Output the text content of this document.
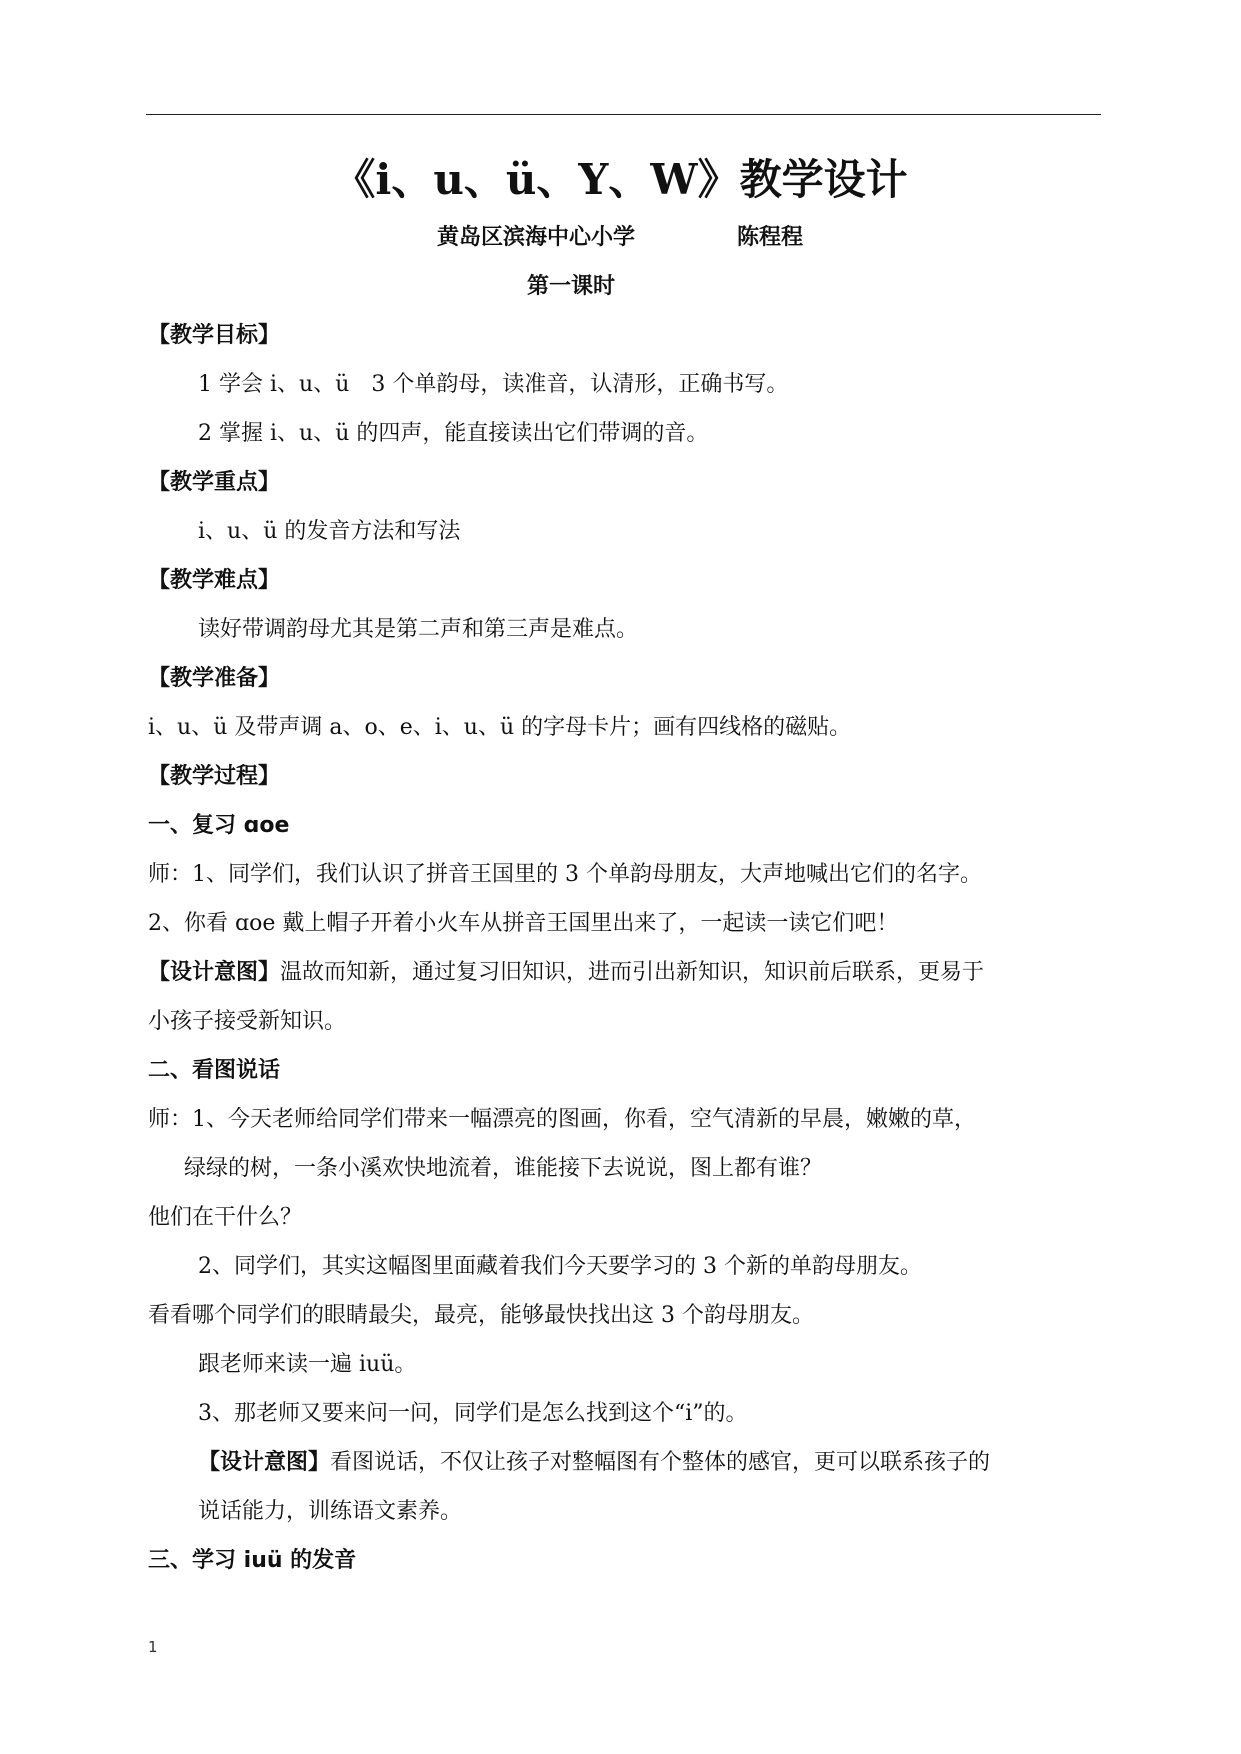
《i、u、ü、Y、W》教学设计
黄岛区滨海中心小学	陈程程
第一课时
【教学目标】
1 学会 i、u、ü　3 个单韵母，读准音，认清形，正确书写。
2 掌握 i、u、ü 的四声，能直接读出它们带调的音。
【教学重点】
i、u、ü 的发音方法和写法
【教学难点】
读好带调韵母尤其是第二声和第三声是难点。
【教学准备】
i、u、ü 及带声调 a、o、e、i、u、ü 的字母卡片；画有四线格的磁贴。
【教学过程】
一、复习 ɑoe
师：1、同学们，我们认识了拼音王国里的 3 个单韵母朋友，大声地喊出它们的名字。
2、你看 ɑoe 戴上帽子开着小火车从拼音王国里出来了，一起读一读它们吧！
【设计意图】温故而知新，通过复习旧知识，进而引出新知识，知识前后联系，更易于
小孩子接受新知识。
二、看图说话
师：1、今天老师给同学们带来一幅漂亮的图画，你看，空气清新的早晨，嫩嫩的草，
绿绿的树，一条小溪欢快地流着，谁能接下去说说，图上都有谁？
他们在干什么？
2、同学们，其实这幅图里面藏着我们今天要学习的 3 个新的单韵母朋友。
看看哪个同学们的眼睛最尖，最亮，能够最快找出这 3 个韵母朋友。
跟老师来读一遍 iuü。
3、那老师又要来问一问，同学们是怎么找到这个“i”的。
【设计意图】看图说话，不仅让孩子对整幅图有个整体的感官，更可以联系孩子的
说话能力，训练语文素养。
三、学习 iuü 的发音
1
